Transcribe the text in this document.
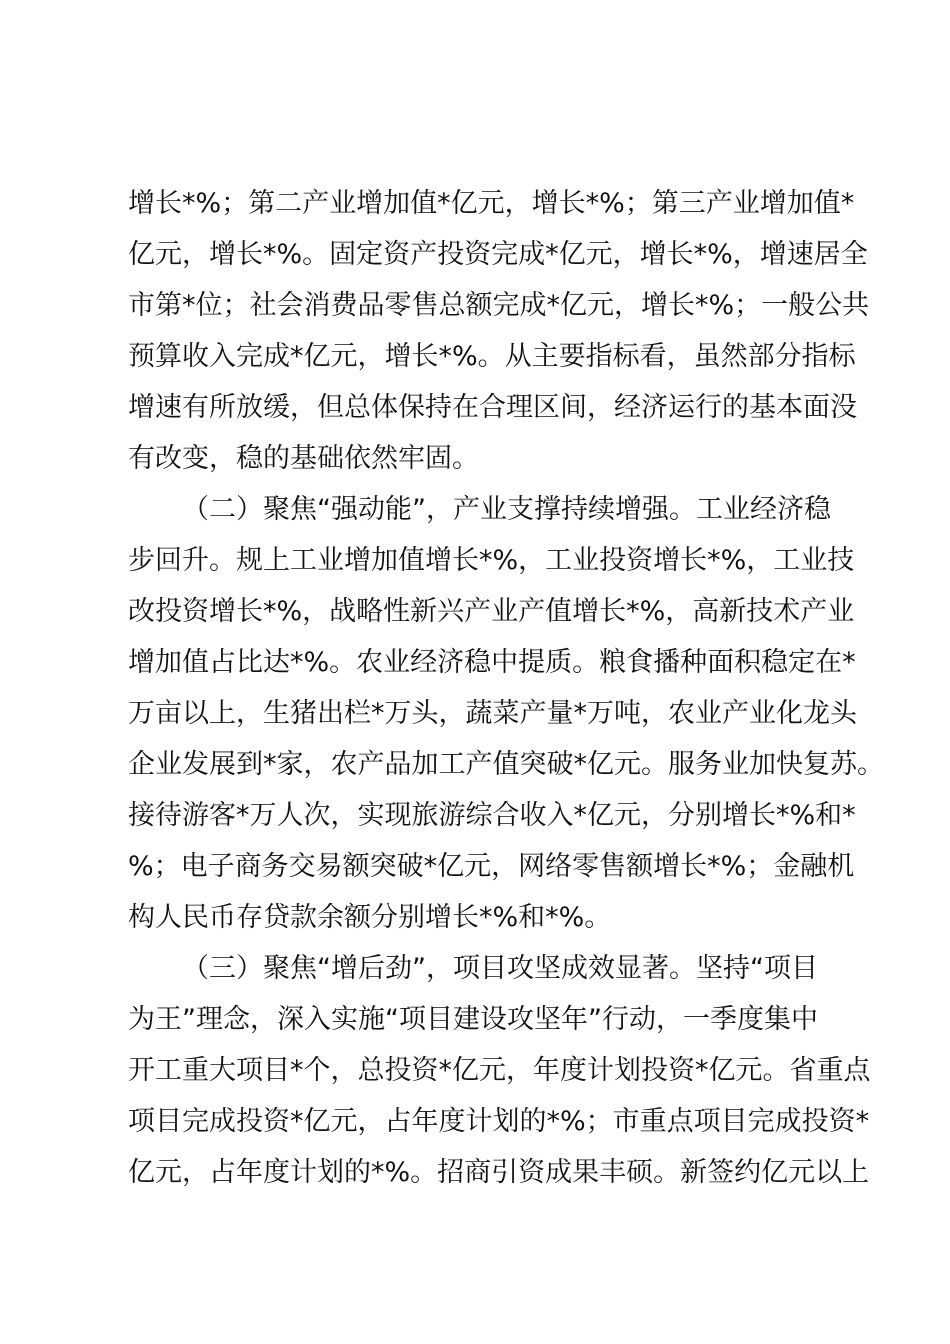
增长*%；第二产业增加值*亿元，增长*%；第三产业增加值*
亿元，增长*%。固定资产投资完成*亿元，增长*%，增速居全
市第*位；社会消费品零售总额完成*亿元，增长*%；一般公共
预算收入完成*亿元，增长*%。从主要指标看，虽然部分指标
增速有所放缓，但总体保持在合理区间，经济运行的基本面没
有改变，稳的基础依然牢固。
（二）聚焦“强动能”，产业支撑持续增强。工业经济稳
步回升。规上工业增加值增长*%，工业投资增长*%，工业技
改投资增长*%，战略性新兴产业产值增长*%，高新技术产业
增加值占比达*%。农业经济稳中提质。粮食播种面积稳定在*
万亩以上，生猪出栏*万头，蔬菜产量*万吨，农业产业化龙头
企业发展到*家，农产品加工产值突破*亿元。服务业加快复苏。
接待游客*万人次，实现旅游综合收入*亿元，分别增长*%和*
%；电子商务交易额突破*亿元，网络零售额增长*%；金融机
构人民币存贷款余额分别增长*%和*%。
（三）聚焦“增后劲”，项目攻坚成效显著。坚持“项目
为王”理念，深入实施“项目建设攻坚年”行动，一季度集中
开工重大项目*个，总投资*亿元，年度计划投资*亿元。省重点
项目完成投资*亿元，占年度计划的*%；市重点项目完成投资*
亿元，占年度计划的*%。招商引资成果丰硕。新签约亿元以上
